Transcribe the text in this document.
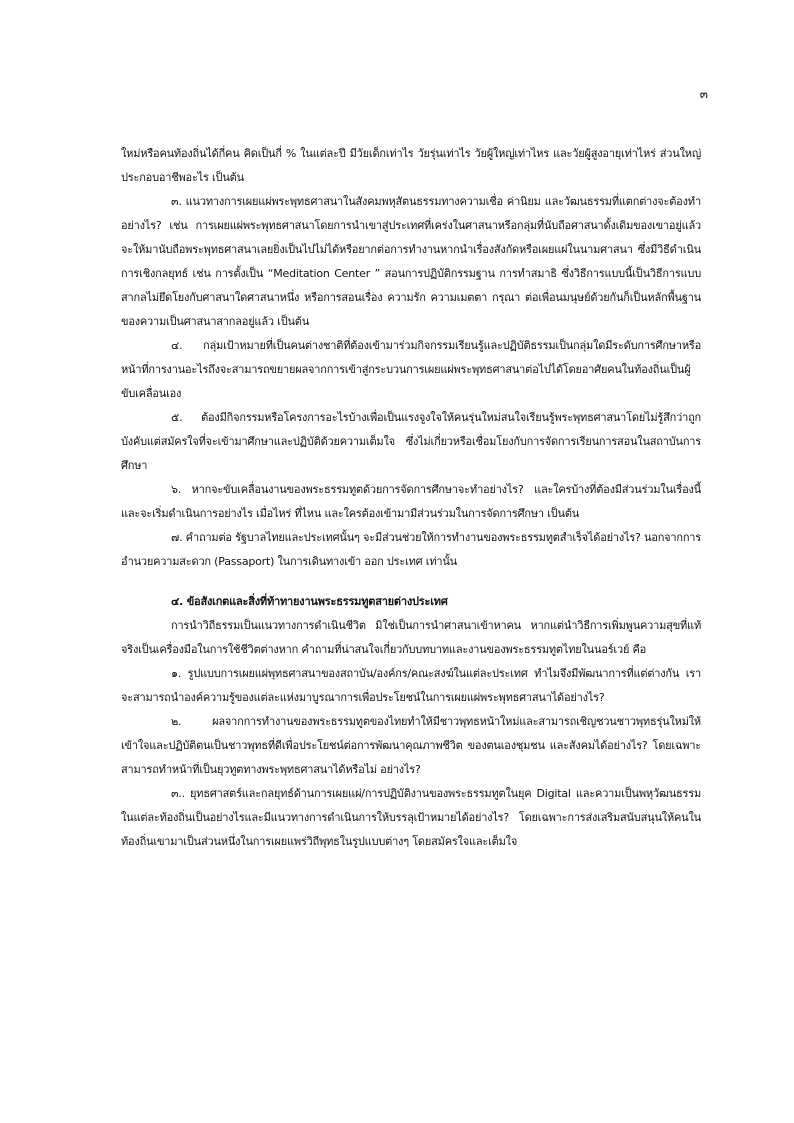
๓

ใหม่หรือคนท้องถิ่นได้กี่คน คิดเป็นกี่ % ในแต่ละปี มีวัยเด็กเท่าไร วัยรุ่นเท่าไร วัยผู้ใหญ่เท่าไหร และวัยผู้สูงอายุเท่าไหร่ ส่วนใหญ่ประกอบอาชีพอะไร เป็นต้น

๓. แนวทางการเผยแผ่พระพุทธศาสนาในสังคมพหุสัตนธรรมทางความเชื่อ ค่านิยม และวัฒนธรรมที่แตกต่างจะต้องทำอย่างไร? เช่น การเผยแผ่พระพุทธศาสนาโดยการนำเขาสู่ประเทศที่เคร่งในศาสนาหรือกลุ่มที่นับถือศาสนาดั้งเดิมของเขาอยู่แล้วจะให้มานับถือพระพุทธศาสนาเลยยิ่งเป็นไปไม่ได้หรือยากต่อการทำงานหากนำเรื่องสังกัดหรือเผยแผ่ในนามศาสนา ซึ่งมีวิธีดำเนินการเชิงกลยุทธ์ เช่น การตั้งเป็น “Meditation Center ” สอนการปฏิบัติกรรมฐาน การทำสมาธิ ซึ่งวิธีการแบบนี้เป็นวิธีการแบบสากลไม่ยึดโยงกับศาสนาใดศาสนาหนึ่ง หรือการสอนเรื่อง ความรัก ความเมตตา กรุณา ต่อเพื่อนมนุษย์ด้วยกันก็เป็นหลักพื้นฐานของความเป็นศาสนาสากลอยู่แล้ว เป็นต้น

๔. กลุ่มเป้าหมายที่เป็นคนต่างชาติที่ต้องเข้ามาร่วมกิจกรรมเรียนรู้และปฏิบัติธรรมเป็นกลุ่มใดมีระดับการศึกษาหรือหน้าที่การงานอะไรถึงจะสามารถขยายผลจากการเข้าสู่กระบวนการเผยแผ่พระพุทธศาสนาต่อไปได้โดยอาศัยคนในท้องถิ่นเป็นผู้ขับเคลื่อนเอง

๕. ต้องมีกิจกรรมหรือโครงการอะไรบ้างเพื่อเป็นแรงจูงใจให้คนรุ่นใหม่สนใจเรียนรู้พระพุทธศาสนาโดยไม่รู้สึกว่าถูกบังคับแต่สมัครใจที่จะเข้ามาศึกษาและปฏิบัติด้วยความเต็มใจ ซึ่งไม่เกี่ยวหรือเชื่อมโยงกับการจัดการเรียนการสอนในสถาบันการศึกษา

๖. หากจะขับเคลื่อนงานของพระธรรมทูตด้วยการจัดการศึกษาจะทำอย่างไร? และใครบ้างที่ต้องมีส่วนร่วมในเรื่องนี้ และจะเริ่มดำเนินการอย่างไร เมื่อไหร่ ที่ไหน และใครต้องเข้ามามีส่วนร่วมในการจัดการศึกษา เป็นต้น

๗. คำถามต่อ รัฐบาลไทยและประเทศนั้นๆ จะมีส่วนช่วยให้การทำงานของพระธรรมทูตสำเร็จได้อย่างไร? นอกจากการอำนวยความสะดวก (Passaport) ในการเดินทางเข้า ออก ประเทศ เท่านั้น

๔. ข้อสังเกตและสิ่งที่ท้าทายงานพระธรรมทูตสายต่างประเทศ

การนำวิถีธรรมเป็นแนวทางการดำเนินชีวิต มิใช่เป็นการนำศาสนาเข้าหาคน หากแต่นำวิธีการเพิ่มพูนความสุขที่แท้จริงเป็นเครื่องมือในการใช้ชีวิตต่างหาก คำถามที่น่าสนใจเกี่ยวกับบทบาทและงานของพระธรรมทูตไทยในนอร์เวย์ คือ

๑. รูปแบบการเผยแผ่พุทธศาสนาของสถาบัน/องค์กร/คณะสงฆ์ในแต่ละประเทศ ทำไมจึงมีพัฒนาการที่แต่ต่างกัน เราจะสามารถนำองค์ความรู้ของแต่ละแห่งมาบูรณาการเพื่อประโยชน์ในการเผยแผ่พระพุทธศาสนาได้อย่างไร?

๒. ผลจากการทำงานของพระธรรมทูตของไทยทำให้มีชาวพุทธหน้าใหม่และสามารถเชิญชวนชาวพุทธรุ่นใหม่ให้เข้าใจและปฏิบัติตนเป็นชาวพุทธที่ดีเพื่อประโยชน์ต่อการพัฒนาคุณภาพชีวิต ของตนเองชุมชน และสังคมได้อย่างไร? โดยเฉพาะสามารถทำหน้าที่เป็นยุวทูตทางพระพุทธศาสนาได้หรือไม่ อย่างไร?

๓.. ยุทธศาสตร์และกลยุทธ์ด้านการเผยแผ่/การปฏิบัติงานของพระธรรมทูตในยุค Digital และความเป็นพหุวัฒนธรรมในแต่ละท้องถิ่นเป็นอย่างไรและมีแนวทางการดำเนินการให้บรรลุเป้าหมายได้อย่างไร? โดยเฉพาะการส่งเสริมสนับสนุนให้คนในท้องถิ่นเขามาเป็นส่วนหนึ่งในการเผยแพร่วิถีพุทธในรูปแบบต่างๆ โดยสมัครใจและเต็มใจ
